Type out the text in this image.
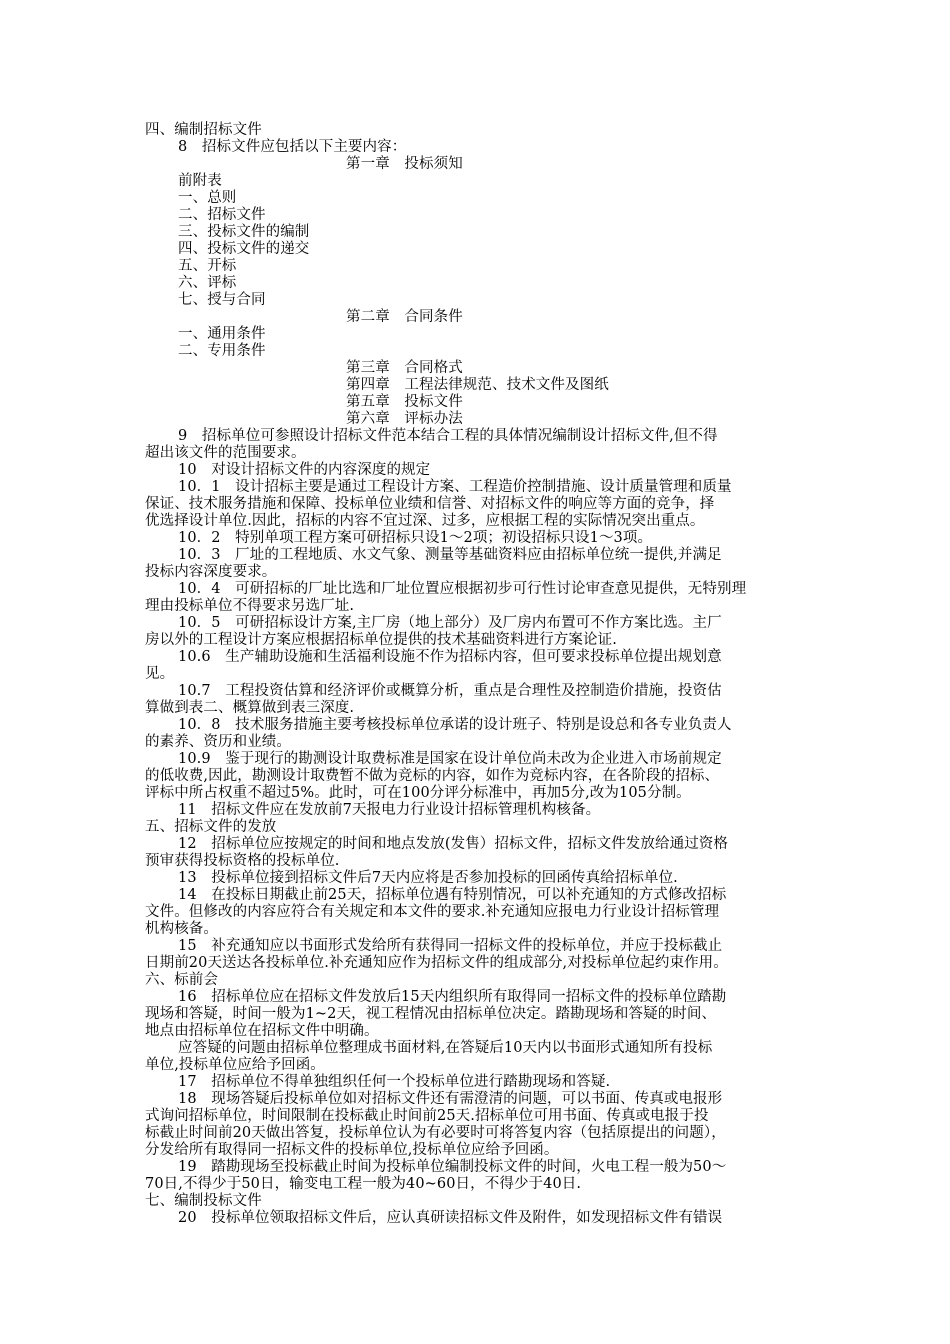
四、编制招标文件
8　招标文件应包括以下主要内容：
第一章　投标须知
前附表
一、总则
二、招标文件
三、投标文件的编制
四、投标文件的递交
五、开标
六、评标
七、授与合同
第二章　合同条件
一、通用条件
二、专用条件
第三章　合同格式
第四章　工程法律规范、技术文件及图纸
第五章　投标文件
第六章　评标办法
9　招标单位可参照设计招标文件范本结合工程的具体情况编制设计招标文件,但不得
超出该文件的范围要求。
10　对设计招标文件的内容深度的规定
10．1　设计招标主要是通过工程设计方案、工程造价控制措施、设计质量管理和质量
保证、技术服务措施和保障、投标单位业绩和信誉、对招标文件的响应等方面的竞争，择
优选择设计单位.因此，招标的内容不宜过深、过多，应根据工程的实际情况突出重点。
10．2　特别单项工程方案可研招标只设1～2项；初设招标只设1～3项。
10．3　厂址的工程地质、水文气象、测量等基础资料应由招标单位统一提供,并满足
投标内容深度要求。
10．4　可研招标的厂址比选和厂址位置应根据初步可行性讨论审查意见提供，无特别理
理由投标单位不得要求另选厂址.
10．5　可研招标设计方案,主厂房（地上部分）及厂房内布置可不作方案比选。主厂
房以外的工程设计方案应根据招标单位提供的技术基础资料进行方案论证.
10.6　生产辅助设施和生活福利设施不作为招标内容，但可要求投标单位提出规划意
见。
10.7　工程投资估算和经济评价或概算分析，重点是合理性及控制造价措施，投资估
算做到表二、概算做到表三深度.
10．8　技术服务措施主要考核投标单位承诺的设计班子、特别是设总和各专业负责人
的素养、资历和业绩。
10.9　鉴于现行的勘测设计取费标准是国家在设计单位尚未改为企业进入市场前规定
的低收费,因此，勘测设计取费暂不做为竞标的内容，如作为竞标内容，在各阶段的招标、
评标中所占权重不超过5%。此时，可在100分评分标准中，再加5分,改为105分制。
11　招标文件应在发放前7天报电力行业设计招标管理机构核备。
五、招标文件的发放
12　招标单位应按规定的时间和地点发放(发售）招标文件，招标文件发放给通过资格
预审获得投标资格的投标单位.
13　投标单位接到招标文件后7天内应将是否参加投标的回函传真给招标单位.
14　在投标日期截止前25天，招标单位遇有特别情况，可以补充通知的方式修改招标
文件。但修改的内容应符合有关规定和本文件的要求.补充通知应报电力行业设计招标管理
机构核备。
15　补充通知应以书面形式发给所有获得同一招标文件的投标单位，并应于投标截止
日期前20天送达各投标单位.补充通知应作为招标文件的组成部分,对投标单位起约束作用。
六、标前会
16　招标单位应在招标文件发放后15天内组织所有取得同一招标文件的投标单位踏勘
现场和答疑，时间一般为1~2天，视工程情况由招标单位决定。踏勘现场和答疑的时间、
地点由招标单位在招标文件中明确。
应答疑的问题由招标单位整理成书面材料,在答疑后10天内以书面形式通知所有投标
单位,投标单位应给予回函。
17　招标单位不得单独组织任何一个投标单位进行踏勘现场和答疑.
18　现场答疑后投标单位如对招标文件还有需澄清的问题，可以书面、传真或电报形
式询问招标单位，时间限制在投标截止时间前25天.招标单位可用书面、传真或电报于投
标截止时间前20天做出答复，投标单位认为有必要时可将答复内容（包括原提出的问题），
分发给所有取得同一招标文件的投标单位,投标单位应给予回函。
19　踏勘现场至投标截止时间为投标单位编制投标文件的时间，火电工程一般为50～
70日,不得少于50日，输变电工程一般为40~60日，不得少于40日.
七、编制投标文件
20　投标单位领取招标文件后，应认真研读招标文件及附件，如发现招标文件有错误
